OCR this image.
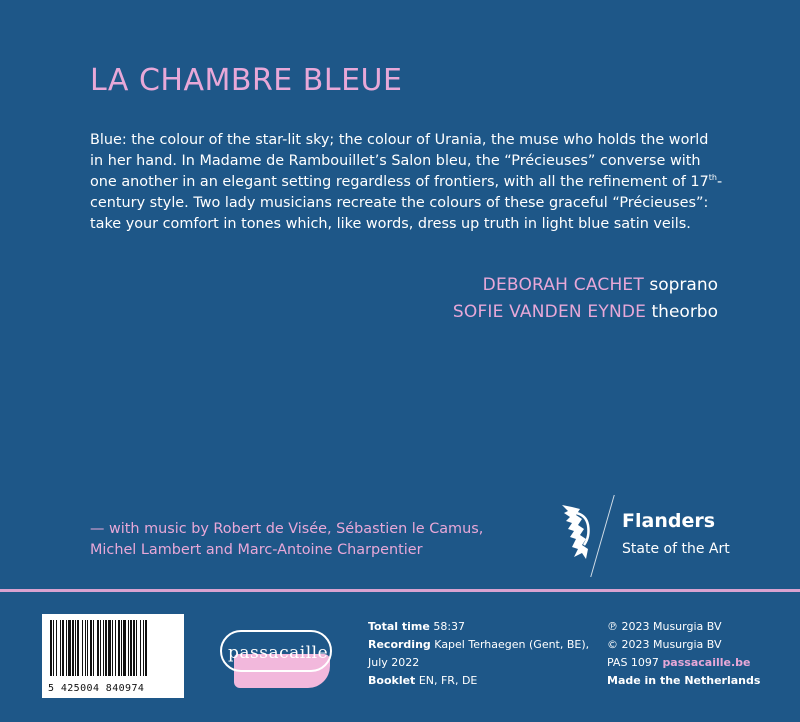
LA CHAMBRE BLEUE
Blue: the colour of the star-lit sky; the colour of Urania, the muse who holds the world
in her hand. In Madame de Rambouillet’s Salon bleu, the “Précieuses” converse with
one another in an elegant setting regardless of frontiers, with all the refinement of 17th-
century style. Two lady musicians recreate the colours of these graceful “Précieuses”:
take your comfort in tones which, like words, dress up truth in light blue satin veils.
DEBORAH CACHET soprano
SOFIE VANDEN EYNDE theorbo
— with music by Robert de Visée, Sébastien le Camus,
Michel Lambert and Marc-Antoine Charpentier
Flanders
State of the Art
5 425004 840974
passacaille
Total time 58:37
Recording Kapel Terhaegen (Gent, BE),
July 2022
Booklet EN, FR, DE
℗ 2023 Musurgia BV
© 2023 Musurgia BV
PAS 1097 passacaille.be
Made in the Netherlands
